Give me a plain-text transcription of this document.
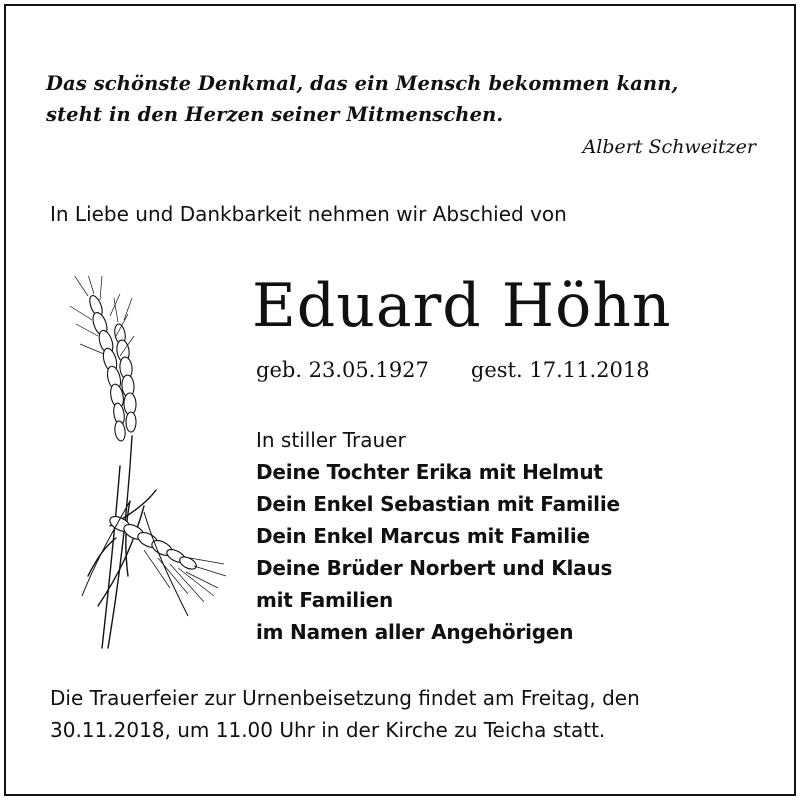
Das schönste Denkmal, das ein Mensch bekommen kann,
steht in den Herzen seiner Mitmenschen.
Albert Schweitzer
In Liebe und Dankbarkeit nehmen wir Abschied von
Eduard Höhn
geb. 23.05.1927 gest. 17.11.2018
In stiller Trauer
Deine Tochter Erika mit Helmut
Dein Enkel Sebastian mit Familie
Dein Enkel Marcus mit Familie
Deine Brüder Norbert und Klaus
mit Familien
im Namen aller Angehörigen
Die Trauerfeier zur Urnenbeisetzung findet am Freitag, den
30.11.2018, um 11.00 Uhr in der Kirche zu Teicha statt.
